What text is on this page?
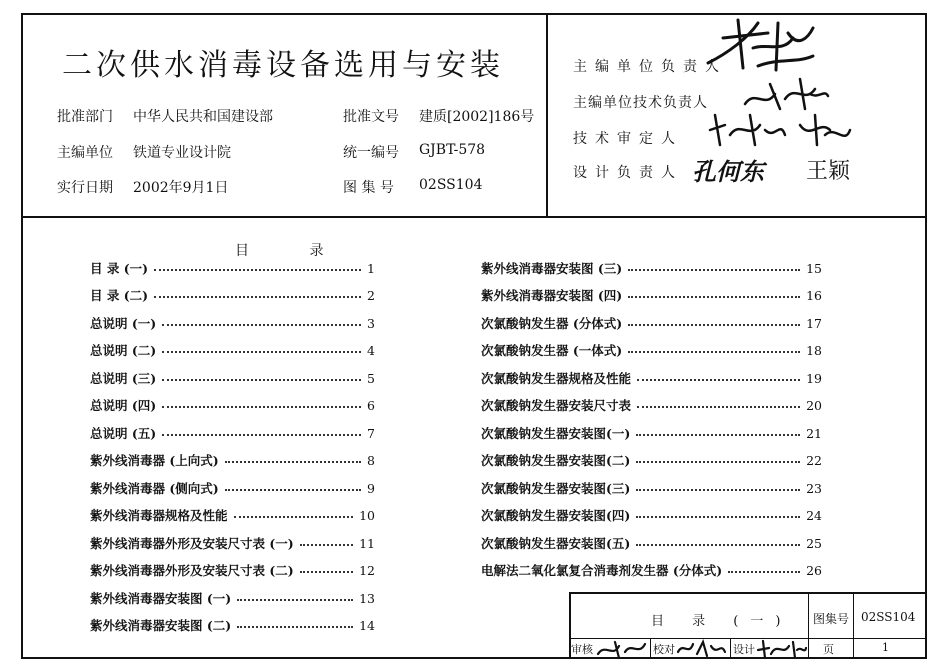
二次供水消毒设备选用与安装
批准部门 中华人民共和国建设部
主编单位 铁道专业设计院
实行日期 2002年9月1日
批准文号 建质[2002]186号
统一编号 GJBT-578
图 集 号 02SS104
主编单位负责人
主编单位技术负责人
技术审定人
设计负责人 孔何东 王颖
目 录
目 录 (一)	1
目 录 (二)	2
总说明 (一)	3
总说明 (二)	4
总说明 (三)	5
总说明 (四)	6
总说明 (五)	7
紫外线消毒器 (上向式)	8
紫外线消毒器 (侧向式)	9
紫外线消毒器规格及性能	10
紫外线消毒器外形及安装尺寸表 (一)	11
紫外线消毒器外形及安装尺寸表 (二)	12
紫外线消毒器安装图 (一)	13
紫外线消毒器安装图 (二)	14
紫外线消毒器安装图 (三)	15
紫外线消毒器安装图 (四)	16
次氯酸钠发生器 (分体式)	17
次氯酸钠发生器 (一体式)	18
次氯酸钠发生器规格及性能	19
次氯酸钠发生器安装尺寸表	20
次氯酸钠发生器安装图(一)	21
次氯酸钠发生器安装图(二)	22
次氯酸钠发生器安装图(三)	23
次氯酸钠发生器安装图(四)	24
次氯酸钠发生器安装图(五)	25
电解法二氧化氯复合消毒剂发生器 (分体式)	26
目 录 (一) 图集号 02SS104
审核	校对	设计	页	1
